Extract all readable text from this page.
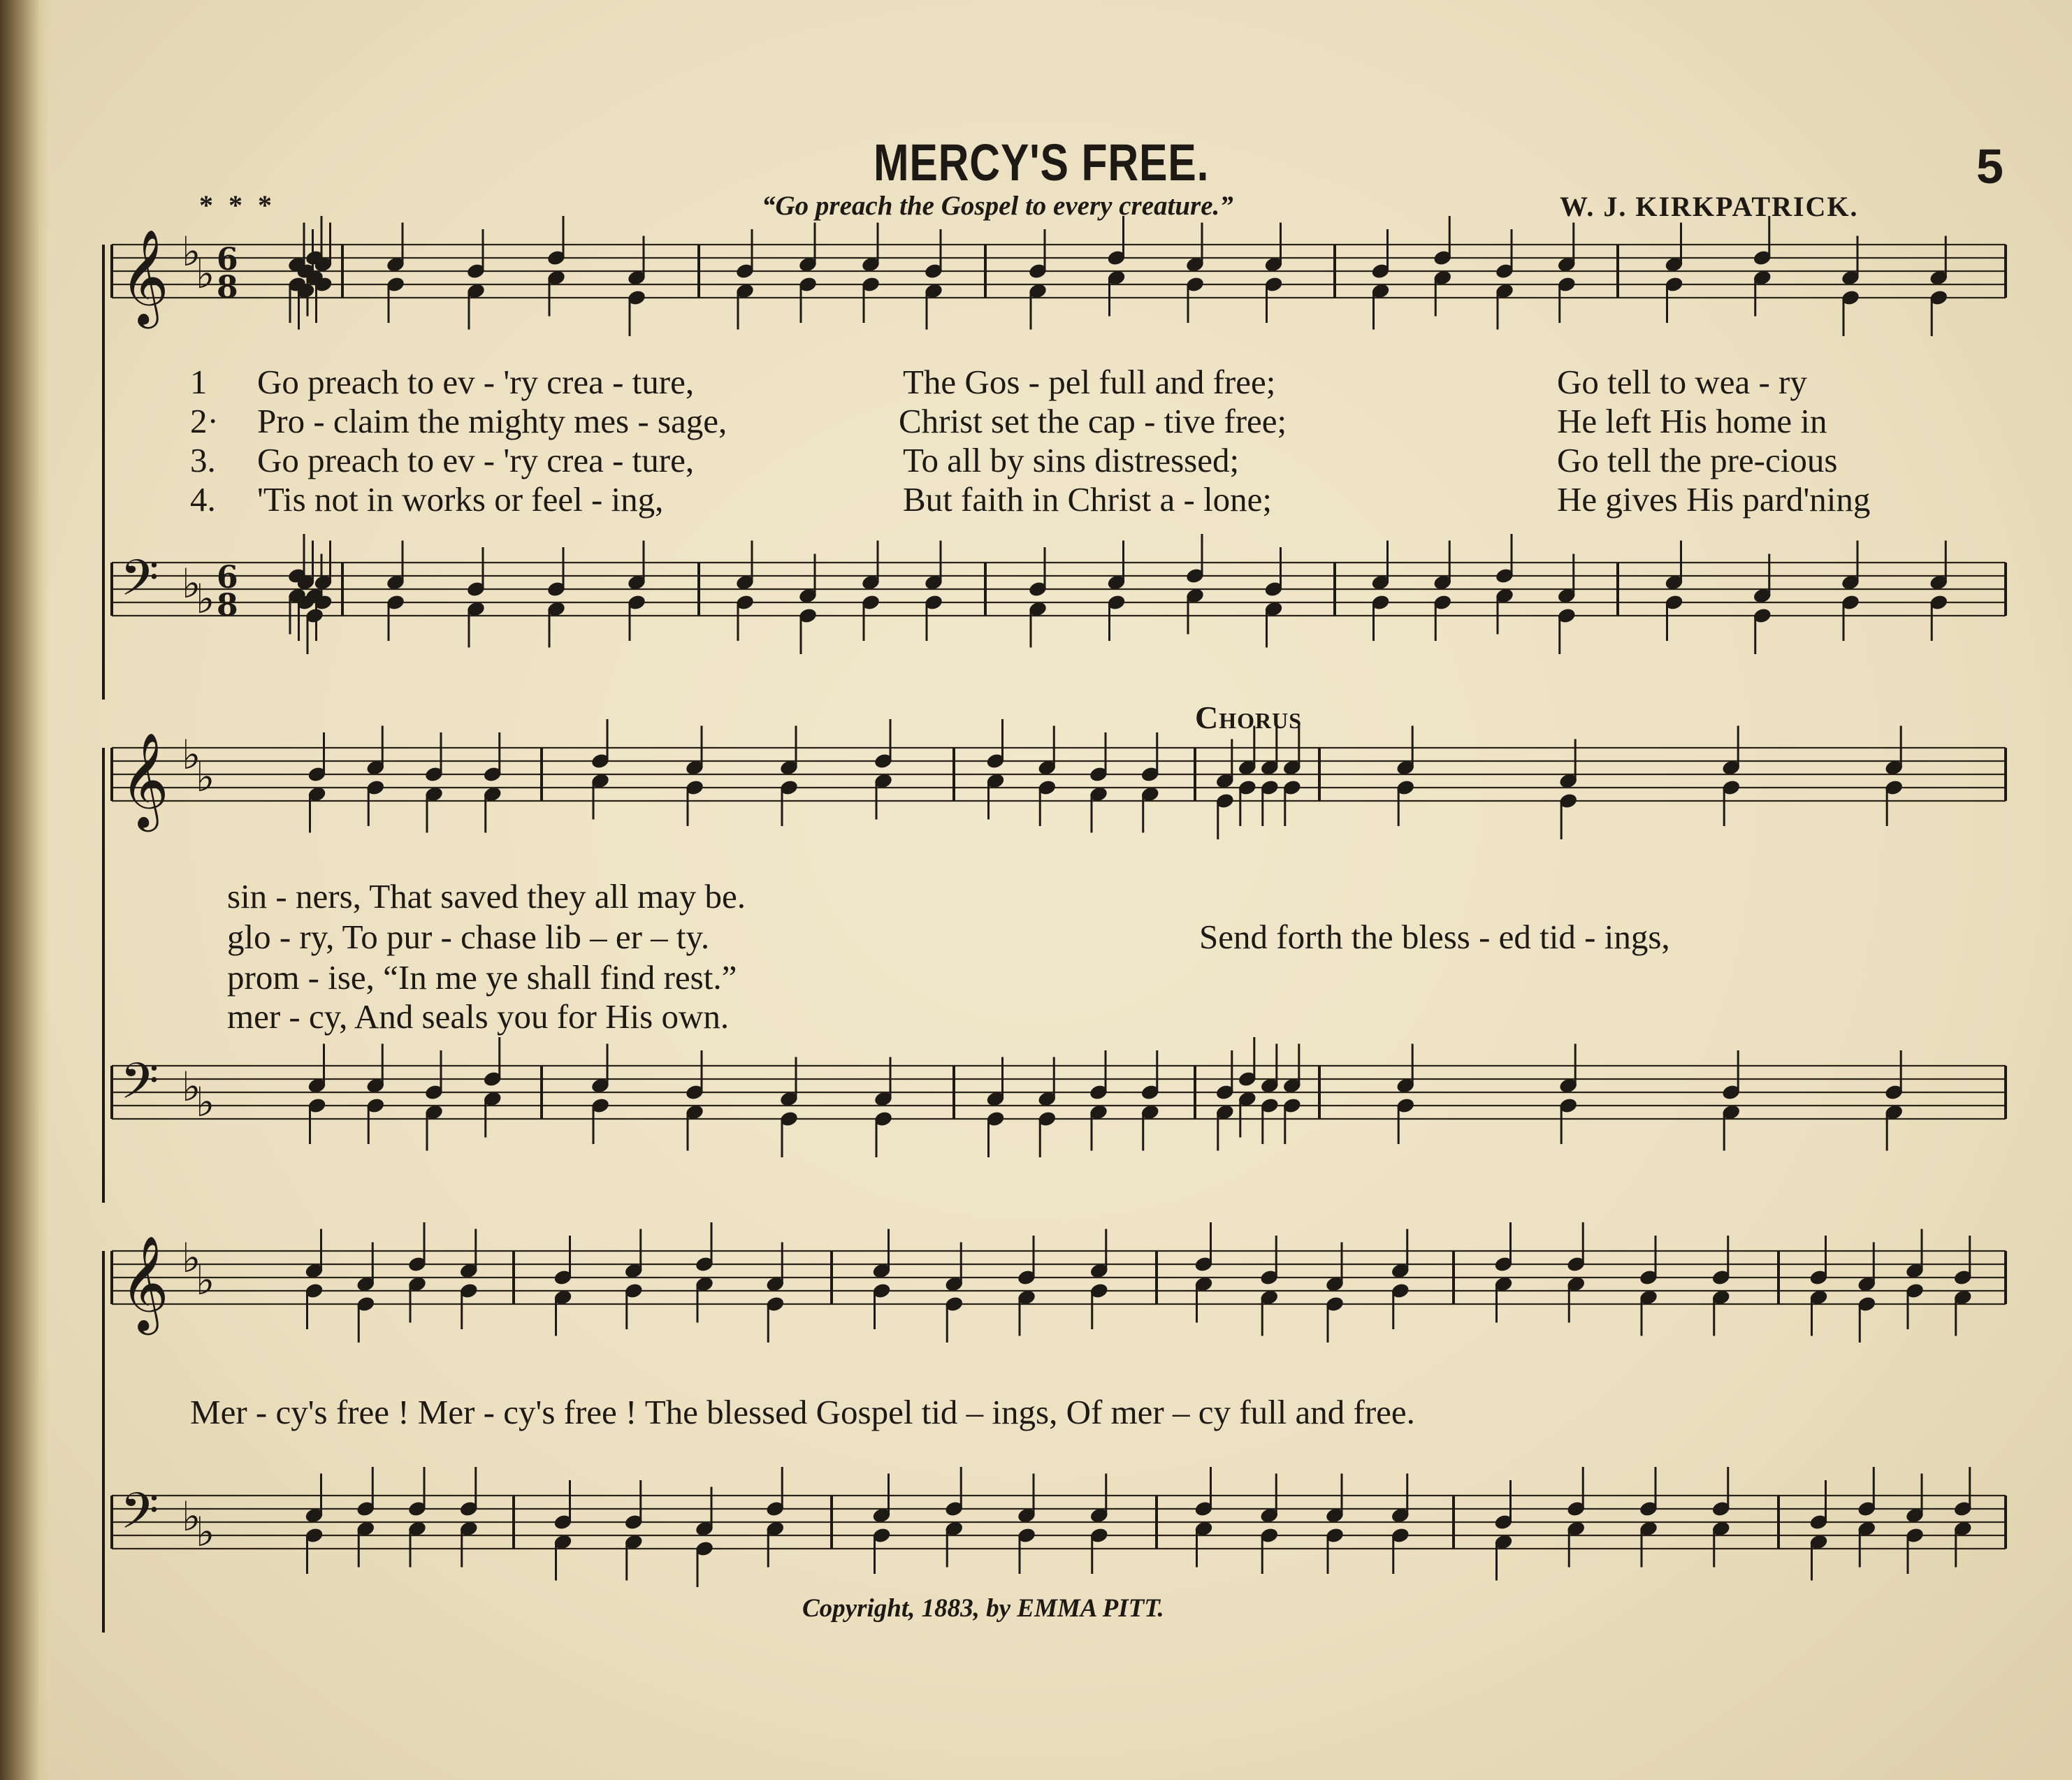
𝄞 ♭
♭ 6
8
𝄢 ♭
♭ 6
8
𝄞 ♭
♭
𝄢 ♭
♭
𝄞 ♭
♭
𝄢 ♭
♭
MERCY'S FREE.	5
* * *	“Go preach the Gospel to every creature.”	W. J. KIRKPATRICK.
Chorus
1 Go preach to ev - 'ry crea - ture,	The Gos - pel full and free;	Go tell to wea - ry
2· Pro - claim the mighty mes - sage,	Christ set the cap - tive free;	He left His home in
3. Go preach to ev - 'ry crea - ture,	To all by sins distressed;	Go tell the pre-cious
4. 'Tis not in works or feel - ing,	But faith in Christ a - lone;	He gives His pard'ning
sin - ners, That saved they all may be.
glo - ry, To pur - chase lib – er – ty.	Send forth the bless - ed tid - ings,
prom - ise, “In me ye shall find rest.”
mer - cy, And seals you for His own.
Mer - cy's free ! Mer - cy's free ! The blessed Gospel tid – ings, Of mer – cy full and free.
Copyright, 1883, by EMMA PITT.
